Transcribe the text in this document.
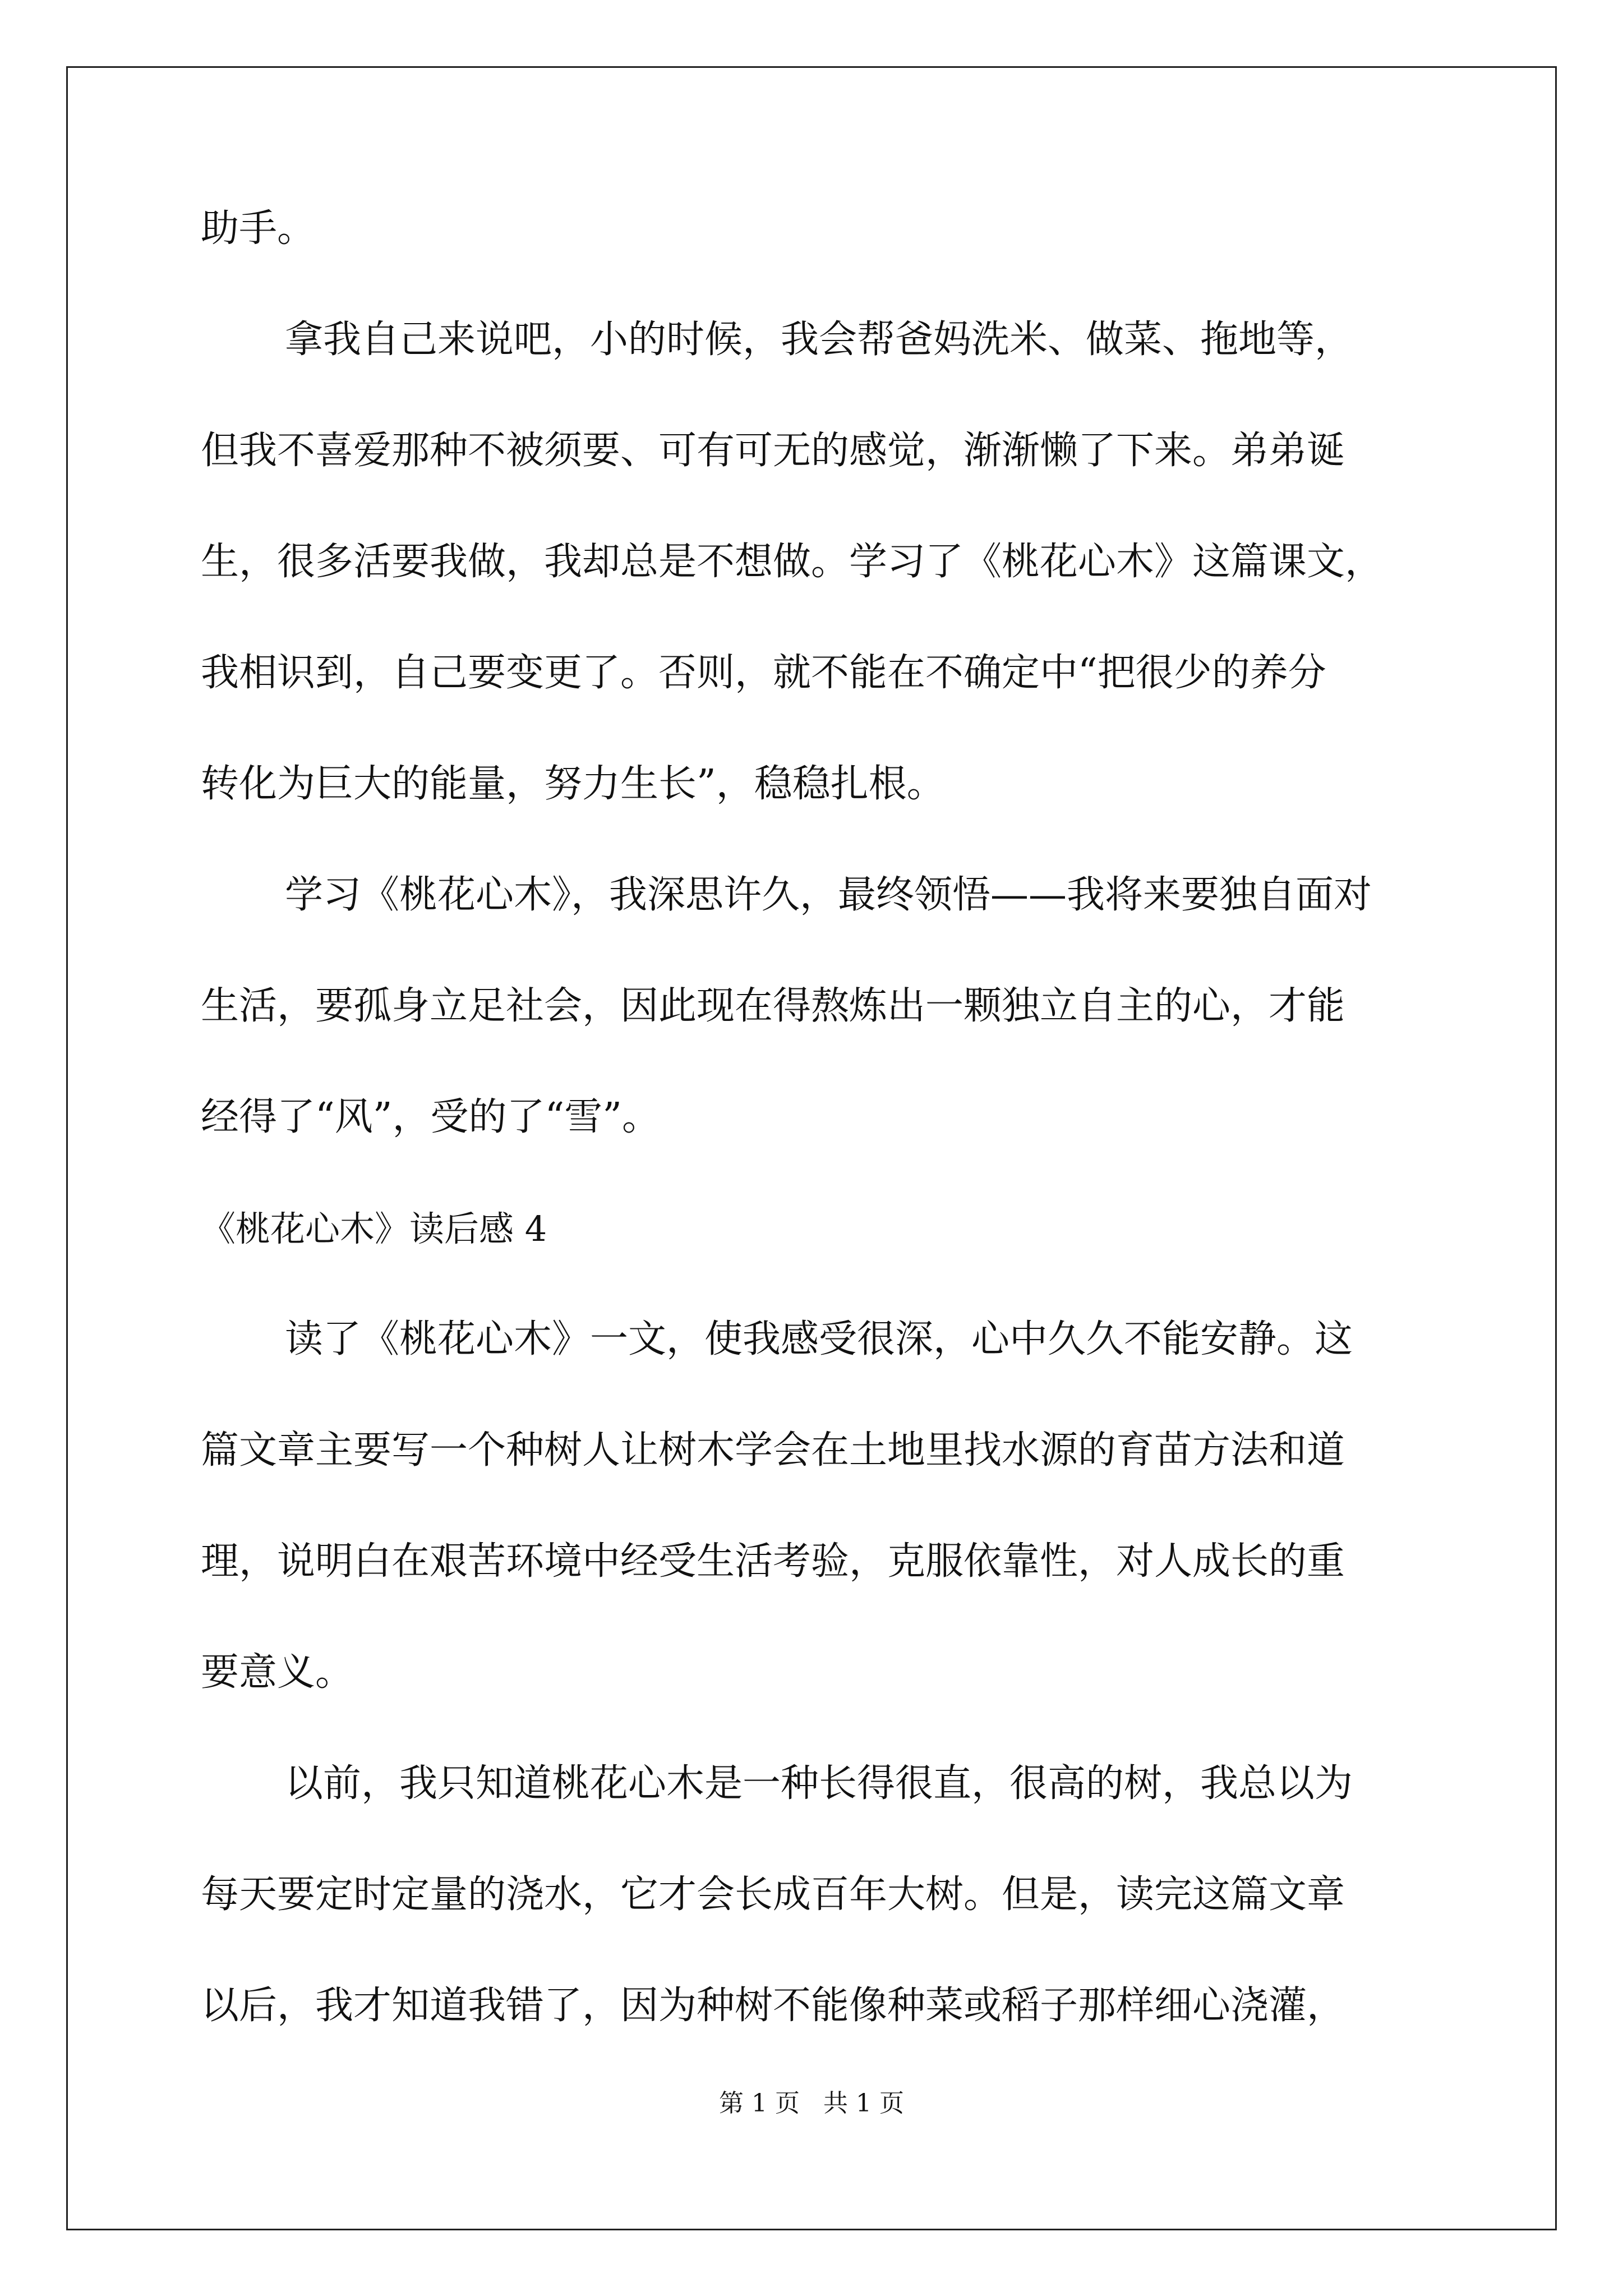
助手。
拿我自己来说吧，小的时候，我会帮爸妈洗米、做菜、拖地等，
但我不喜爱那种不被须要、可有可无的感觉，渐渐懒了下来。弟弟诞
生，很多活要我做，我却总是不想做。学习了《桃花心木》这篇课文，
我相识到，自己要变更了。否则，就不能在不确定中“把很少的养分
转化为巨大的能量，努力生长”，稳稳扎根。
学习《桃花心木》，我深思许久，最终领悟——我将来要独自面对
生活，要孤身立足社会，因此现在得熬炼出一颗独立自主的心，才能
经得了“风”，受的了“雪”。
《桃花心木》读后感 4
读了《桃花心木》一文，使我感受很深，心中久久不能安静。这
篇文章主要写一个种树人让树木学会在土地里找水源的育苗方法和道
理，说明白在艰苦环境中经受生活考验，克服依靠性，对人成长的重
要意义。
以前，我只知道桃花心木是一种长得很直，很高的树，我总以为
每天要定时定量的浇水，它才会长成百年大树。但是，读完这篇文章
以后，我才知道我错了，因为种树不能像种菜或稻子那样细心浇灌，
第 1 页   共 1 页
